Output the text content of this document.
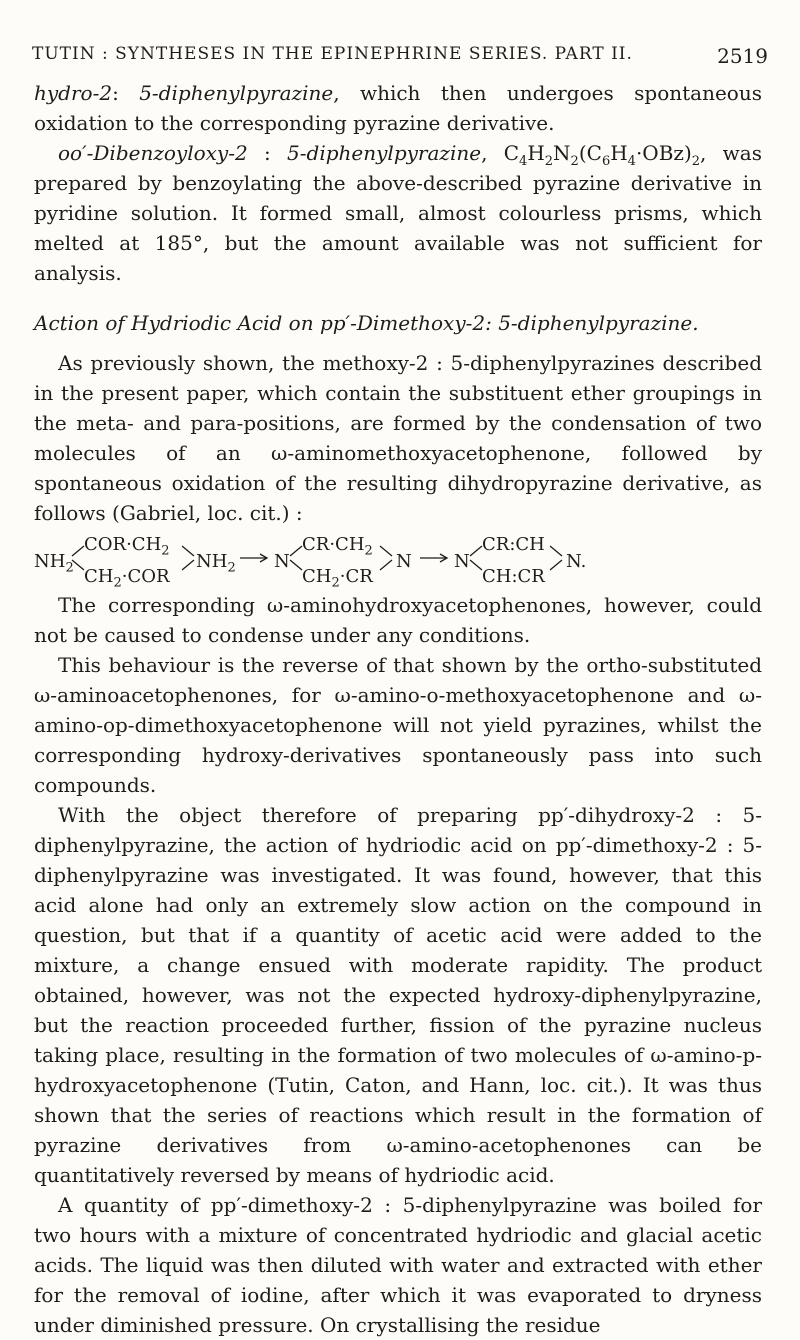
TUTIN : SYNTHESES IN THE EPINEPHRINE SERIES. PART II.	2519

hydro-2: 5-diphenylpyrazine, which then undergoes spontaneous oxidation to the corresponding pyrazine derivative.

oo′-Dibenzoyloxy-2 : 5-diphenylpyrazine, $C_4H_2N_2(C_6H_4\cdot OBz)_2$, was prepared by benzoylating the above-described pyrazine derivative in pyridine solution. It formed small, almost colourless prisms, which melted at 185°, but the amount available was not sufficient for analysis.

Action of Hydriodic Acid on pp′-Dimethoxy-2: 5-diphenylpyrazine.

As previously shown, the methoxy-2 : 5-diphenylpyrazines described in the present paper, which contain the substituent ether groupings in the meta- and para-positions, are formed by the condensation of two molecules of an ω-aminomethoxyacetophenone, followed by spontaneous oxidation of the resulting dihydropyrazine derivative, as follows (Gabriel, loc. cit.) :

$NH_2$
$COR\cdot CH_2$
$CH_2\cdot COR$
$NH_2$ N
$CR\cdot CH_2$
$CH_2\cdot CR$
N N
CR:CH
CH:CR
N.

The corresponding ω-aminohydroxyacetophenones, however, could not be caused to condense under any conditions.

This behaviour is the reverse of that shown by the ortho-substituted ω-aminoacetophenones, for ω-amino-o-methoxyacetophenone and ω-amino-op-dimethoxyacetophenone will not yield pyrazines, whilst the corresponding hydroxy-derivatives spontaneously pass into such compounds.

With the object therefore of preparing pp′-dihydroxy-2 : 5-diphenylpyrazine, the action of hydriodic acid on pp′-dimethoxy-2 : 5-diphenylpyrazine was investigated. It was found, however, that this acid alone had only an extremely slow action on the compound in question, but that if a quantity of acetic acid were added to the mixture, a change ensued with moderate rapidity. The product obtained, however, was not the expected hydroxy-diphenylpyrazine, but the reaction proceeded further, fission of the pyrazine nucleus taking place, resulting in the formation of two molecules of ω-amino-p-hydroxyacetophenone (Tutin, Caton, and Hann, loc. cit.). It was thus shown that the series of reactions which result in the formation of pyrazine derivatives from ω-amino-acetophenones can be quantitatively reversed by means of hydriodic acid.

A quantity of pp′-dimethoxy-2 : 5-diphenylpyrazine was boiled for two hours with a mixture of concentrated hydriodic and glacial acetic acids. The liquid was then diluted with water and extracted with ether for the removal of iodine, after which it was evaporated to dryness under diminished pressure. On crystallising the residue
